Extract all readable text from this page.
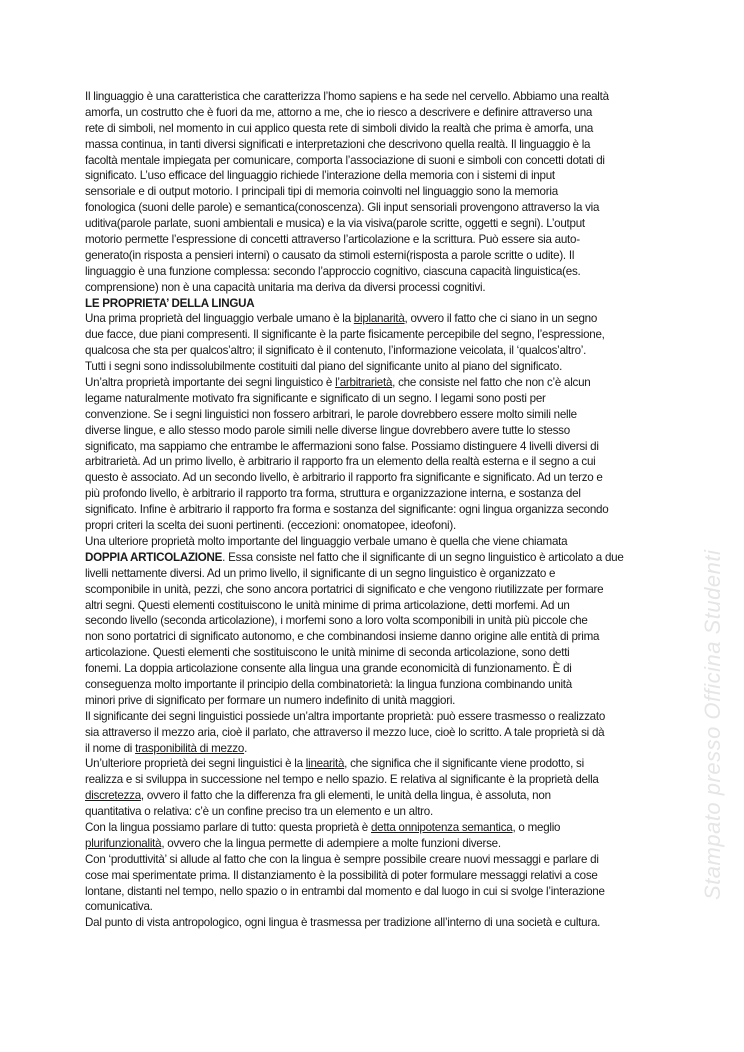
Stampato presso Officina Studenti
Il linguaggio è una caratteristica che caratterizza l’homo sapiens e ha sede nel cervello. Abbiamo una realtà
amorfa, un costrutto che è fuori da me, attorno a me, che io riesco a descrivere e definire attraverso una
rete di simboli, nel momento in cui applico questa rete di simboli divido la realtà che prima è amorfa, una
massa continua, in tanti diversi significati e interpretazioni che descrivono quella realtà. Il linguaggio è la
facoltà mentale impiegata per comunicare, comporta l’associazione di suoni e simboli con concetti dotati di
significato. L’uso efficace del linguaggio richiede l’interazione della memoria con i sistemi di input
sensoriale e di output motorio. I principali tipi di memoria coinvolti nel linguaggio sono la memoria
fonologica (suoni delle parole) e semantica(conoscenza). Gli input sensoriali provengono attraverso la via
uditiva(parole parlate, suoni ambientali e musica) e la via visiva(parole scritte, oggetti e segni). L’output
motorio permette l’espressione di concetti attraverso l’articolazione e la scrittura. Può essere sia auto-
generato(in risposta a pensieri interni) o causato da stimoli esterni(risposta a parole scritte o udite). Il
linguaggio è una funzione complessa: secondo l’approccio cognitivo, ciascuna capacità linguistica(es.
comprensione) non è una capacità unitaria ma deriva da diversi processi cognitivi.
LE PROPRIETA’ DELLA LINGUA
Una prima proprietà del linguaggio verbale umano è la biplanarità, ovvero il fatto che ci siano in un segno
due facce, due piani compresenti. Il significante è la parte fisicamente percepibile del segno, l’espressione,
qualcosa che sta per qualcos’altro; il significato è il contenuto, l’informazione veicolata, il ‘qualcos’altro’.
Tutti i segni sono indissolubilmente costituiti dal piano del significante unito al piano del significato.
Un’altra proprietà importante dei segni linguistico è l’arbitrarietà, che consiste nel fatto che non c’è alcun
legame naturalmente motivato fra significante e significato di un segno. I legami sono posti per
convenzione. Se i segni linguistici non fossero arbitrari, le parole dovrebbero essere molto simili nelle
diverse lingue, e allo stesso modo parole simili nelle diverse lingue dovrebbero avere tutte lo stesso
significato, ma sappiamo che entrambe le affermazioni sono false. Possiamo distinguere 4 livelli diversi di
arbitrarietà. Ad un primo livello, è arbitrario il rapporto fra un elemento della realtà esterna e il segno a cui
questo è associato. Ad un secondo livello, è arbitrario il rapporto fra significante e significato. Ad un terzo e
più profondo livello, è arbitrario il rapporto tra forma, struttura e organizzazione interna, e sostanza del
significato. Infine è arbitrario il rapporto fra forma e sostanza del significante: ogni lingua organizza secondo
propri criteri la scelta dei suoni pertinenti. (eccezioni: onomatopee, ideofoni).
Una ulteriore proprietà molto importante del linguaggio verbale umano è quella che viene chiamata
DOPPIA ARTICOLAZIONE. Essa consiste nel fatto che il significante di un segno linguistico è articolato a due
livelli nettamente diversi. Ad un primo livello, il significante di un segno linguistico è organizzato e
scomponibile in unità, pezzi, che sono ancora portatrici di significato e che vengono riutilizzate per formare
altri segni. Questi elementi costituiscono le unità minime di prima articolazione, detti morfemi. Ad un
secondo livello (seconda articolazione), i morfemi sono a loro volta scomponibili in unità più piccole che
non sono portatrici di significato autonomo, e che combinandosi insieme danno origine alle entità di prima
articolazione. Questi elementi che sostituiscono le unità minime di seconda articolazione, sono detti
fonemi. La doppia articolazione consente alla lingua una grande economicità di funzionamento. È di
conseguenza molto importante il principio della combinatorietà: la lingua funziona combinando unità
minori prive di significato per formare un numero indefinito di unità maggiori.
Il significante dei segni linguistici possiede un’altra importante proprietà: può essere trasmesso o realizzato
sia attraverso il mezzo aria, cioè il parlato, che attraverso il mezzo luce, cioè lo scritto. A tale proprietà si dà
il nome di trasponibilità di mezzo.
Un’ulteriore proprietà dei segni linguistici è la linearità, che significa che il significante viene prodotto, si
realizza e si sviluppa in successione nel tempo e nello spazio. E relativa al significante è la proprietà della
discretezza, ovvero il fatto che la differenza fra gli elementi, le unità della lingua, è assoluta, non
quantitativa o relativa: c’è un confine preciso tra un elemento e un altro.
Con la lingua possiamo parlare di tutto: questa proprietà è detta onnipotenza semantica, o meglio
plurifunzionalità, ovvero che la lingua permette di adempiere a molte funzioni diverse.
Con ‘produttività’ si allude al fatto che con la lingua è sempre possibile creare nuovi messaggi e parlare di
cose mai sperimentate prima. Il distanziamento è la possibilità di poter formulare messaggi relativi a cose
lontane, distanti nel tempo, nello spazio o in entrambi dal momento e dal luogo in cui si svolge l’interazione
comunicativa.
Dal punto di vista antropologico, ogni lingua è trasmessa per tradizione all’interno di una società e cultura.
